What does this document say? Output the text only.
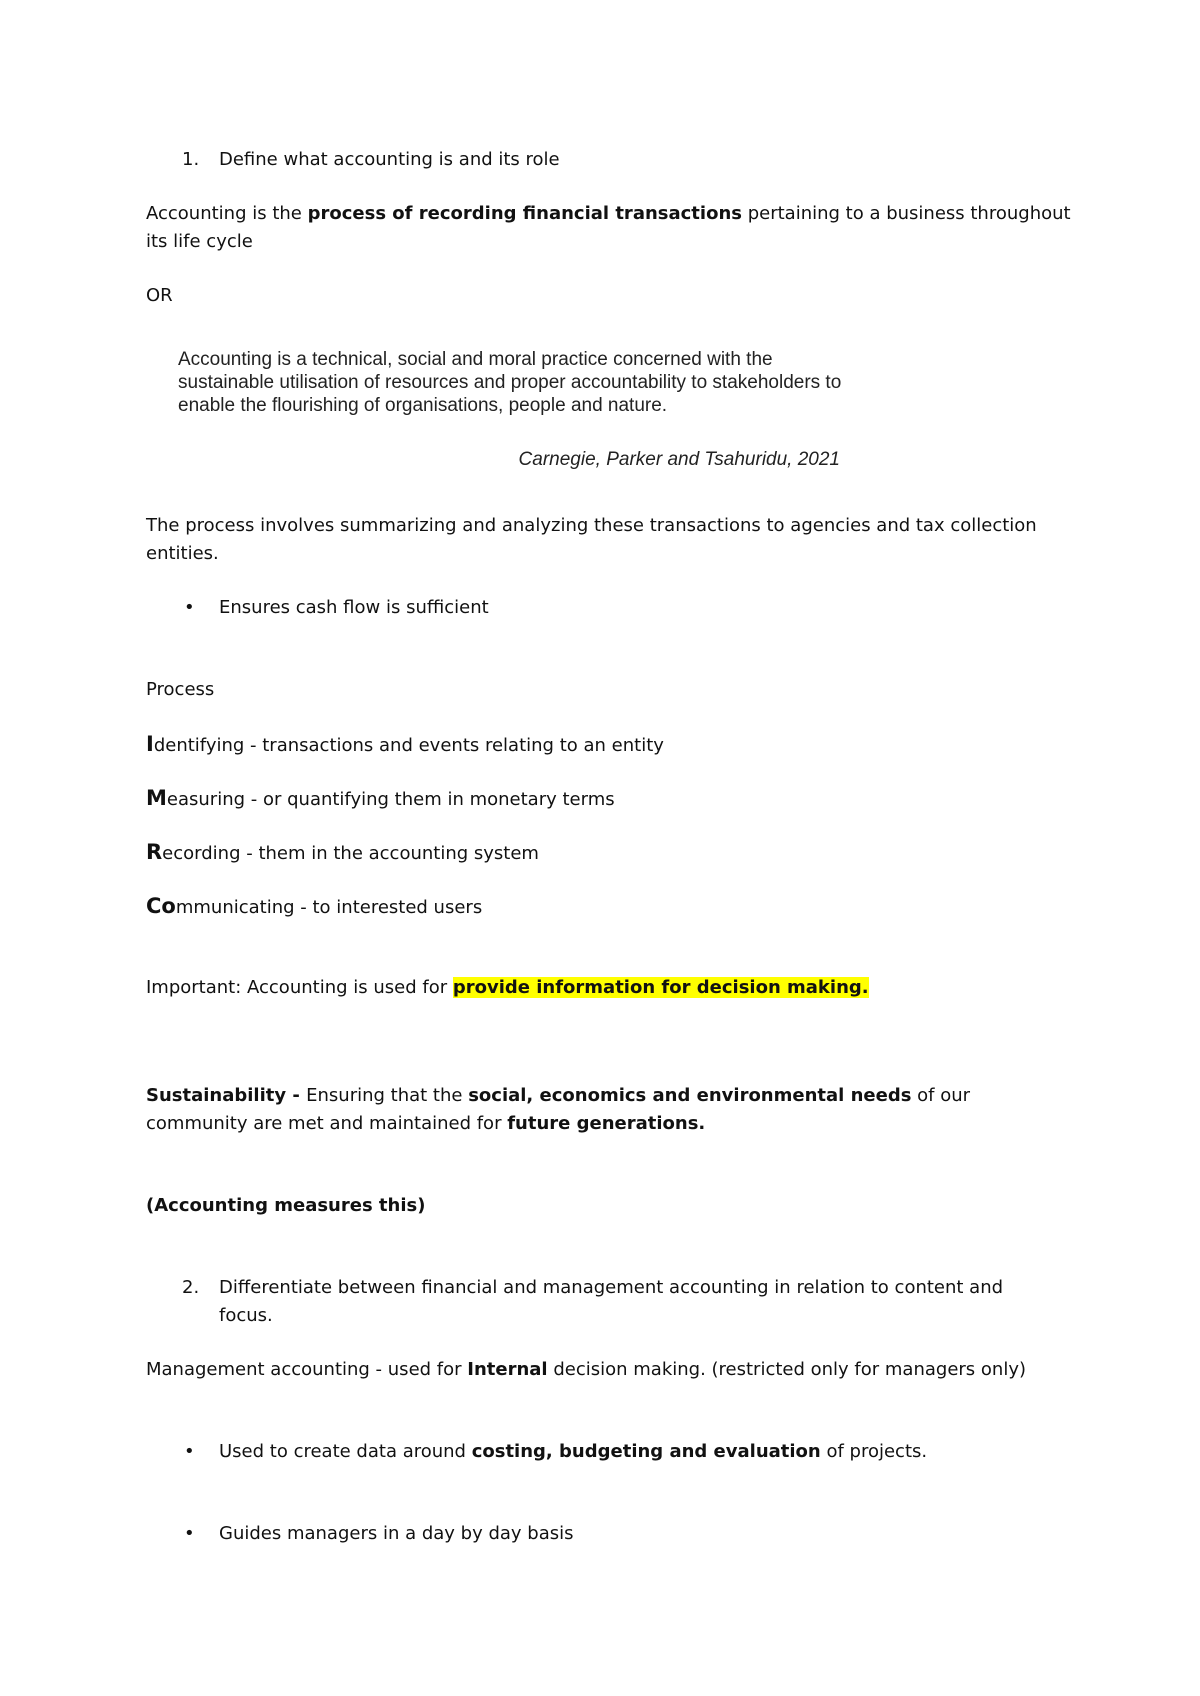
1. Define what accounting is and its role
Accounting is the process of recording financial transactions pertaining to a business throughout its life cycle
OR
Accounting is a technical, social and moral practice concerned with the sustainable utilisation of resources and proper accountability to stakeholders to enable the flourishing of organisations, people and nature.
Carnegie, Parker and Tsahuridu, 2021
The process involves summarizing and analyzing these transactions to agencies and tax collection entities.
• Ensures cash flow is sufficient
Process
Identifying - transactions and events relating to an entity
Measuring - or quantifying them in monetary terms
Recording - them in the accounting system
Communicating - to interested users
Important: Accounting is used for provide information for decision making.
Sustainability - Ensuring that the social, economics and environmental needs of our community are met and maintained for future generations.
(Accounting measures this)
2. Differentiate between financial and management accounting in relation to content and focus.
Management accounting - used for Internal decision making. (restricted only for managers only)
• Used to create data around costing, budgeting and evaluation of projects.
• Guides managers in a day by day basis
